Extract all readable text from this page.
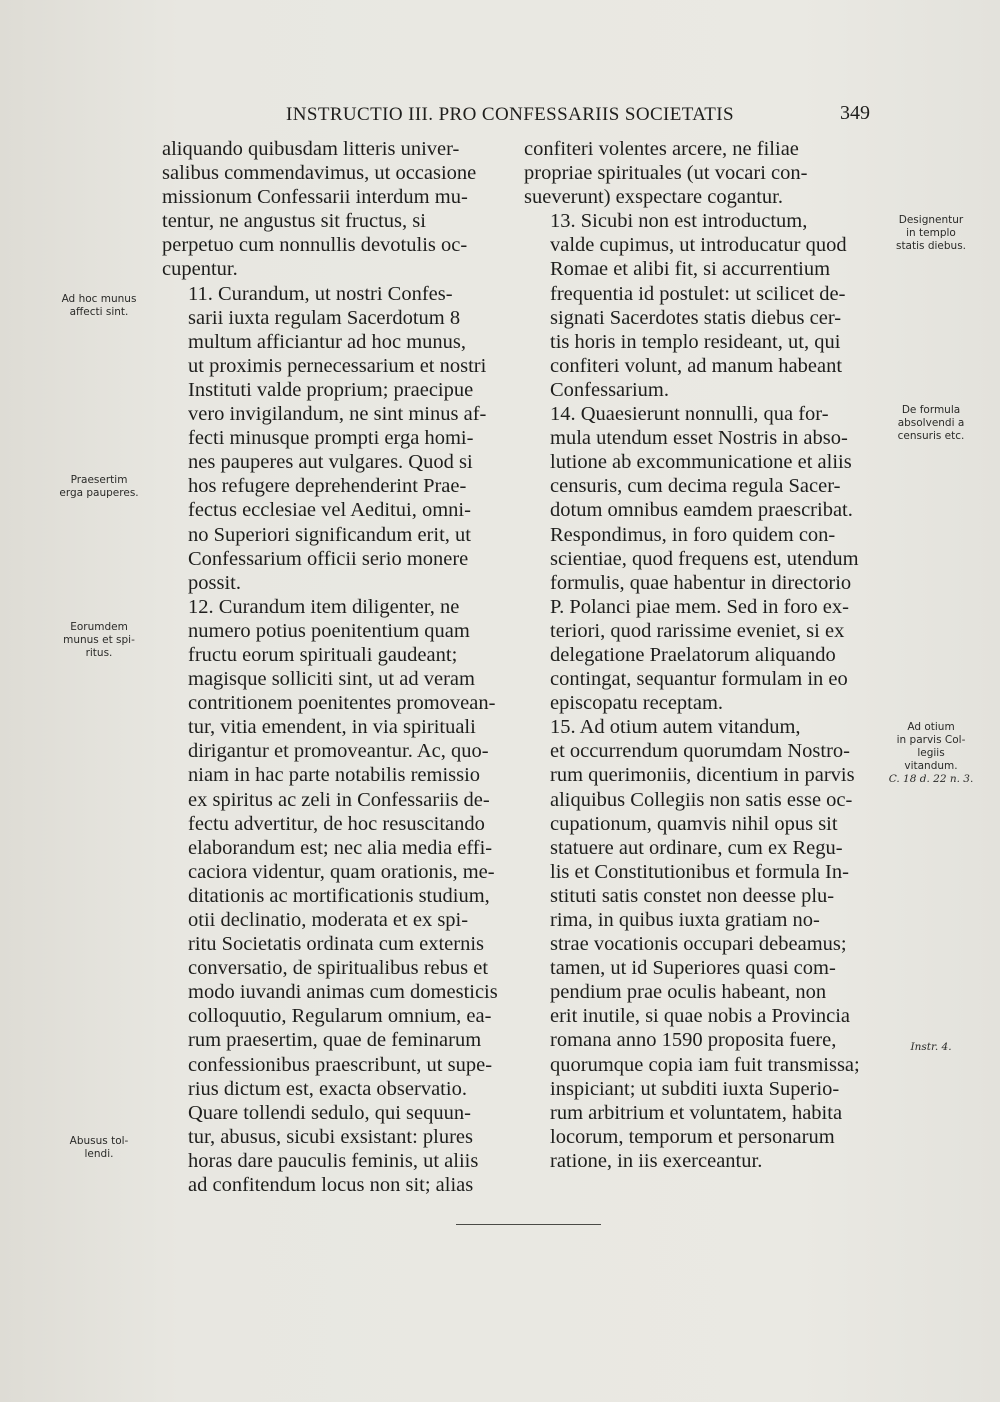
INSTRUCTIO III. PRO CONFESSARIIS SOCIETATIS	349

aliquando quibusdam litteris univer-
salibus commendavimus, ut occasione
missionum Confessarii interdum mu-
tentur, ne angustus sit fructus, si
perpetuo cum nonnullis devotulis oc-
cupentur.

11. Curandum, ut nostri Confes-
sarii iuxta regulam Sacerdotum 8
multum afficiantur ad hoc munus,
ut proximis pernecessarium et nostri
Instituti valde proprium; praecipue
vero invigilandum, ne sint minus af-
fecti minusque prompti erga homi-
nes pauperes aut vulgares. Quod si
hos refugere deprehenderint Prae-
fectus ecclesiae vel Aeditui, omni-
no Superiori significandum erit, ut
Confessarium officii serio monere
possit.

12. Curandum item diligenter, ne
numero potius poenitentium quam
fructu eorum spirituali gaudeant;
magisque solliciti sint, ut ad veram
contritionem poenitentes promovean-
tur, vitia emendent, in via spirituali
dirigantur et promoveantur. Ac, quo-
niam in hac parte notabilis remissio
ex spiritus ac zeli in Confessariis de-
fectu advertitur, de hoc resuscitando
elaborandum est; nec alia media effi-
caciora videntur, quam orationis, me-
ditationis ac mortificationis studium,
otii declinatio, moderata et ex spi-
ritu Societatis ordinata cum externis
conversatio, de spiritualibus rebus et
modo iuvandi animas cum domesticis
colloquutio, Regularum omnium, ea-
rum praesertim, quae de feminarum
confessionibus praescribunt, ut supe-
rius dictum est, exacta observatio.

Quare tollendi sedulo, qui sequun-
tur, abusus, sicubi exsistant: plures
horas dare pauculis feminis, ut aliis
ad confitendum locus non sit; alias

confiteri volentes arcere, ne filiae
propriae spirituales (ut vocari con-
sueverunt) exspectare cogantur.

13. Sicubi non est introductum,
valde cupimus, ut introducatur quod
Romae et alibi fit, si accurrentium
frequentia id postulet: ut scilicet de-
signati Sacerdotes statis diebus cer-
tis horis in templo resideant, ut, qui
confiteri volunt, ad manum habeant
Confessarium.

14. Quaesierunt nonnulli, qua for-
mula utendum esset Nostris in abso-
lutione ab excommunicatione et aliis
censuris, cum decima regula Sacer-
dotum omnibus eamdem praescribat.
Respondimus, in foro quidem con-
scientiae, quod frequens est, utendum
formulis, quae habentur in directorio
P. Polanci piae mem. Sed in foro ex-
teriori, quod rarissime eveniet, si ex
delegatione Praelatorum aliquando
contingat, sequantur formulam in eo
episcopatu receptam.

15. Ad otium autem vitandum,
et occurrendum quorumdam Nostro-
rum querimoniis, dicentium in parvis
aliquibus Collegiis non satis esse oc-
cupationum, quamvis nihil opus sit
statuere aut ordinare, cum ex Regu-
lis et Constitutionibus et formula In-
stituti satis constet non deesse plu-
rima, in quibus iuxta gratiam no-
strae vocationis occupari debeamus;
tamen, ut id Superiores quasi com-
pendium prae oculis habeant, non
erit inutile, si quae nobis a Provincia
romana anno 1590 proposita fuere,
quorumque copia iam fuit transmissa;
inspiciant; ut subditi iuxta Superio-
rum arbitrium et voluntatem, habita
locorum, temporum et personarum
ratione, in iis exerceantur.

Ad hoc munus
affecti sint.
Praesertim
erga pauperes.
Eorumdem
munus et spi-
ritus.
Abusus tol-
lendi.
Designentur
in templo
statis diebus.
De formula
absolvendi a
censuris etc.
Ad otium
in parvis Col-
legiis
vitandum.
C. 18 d. 22 n. 3.
Instr. 4.
